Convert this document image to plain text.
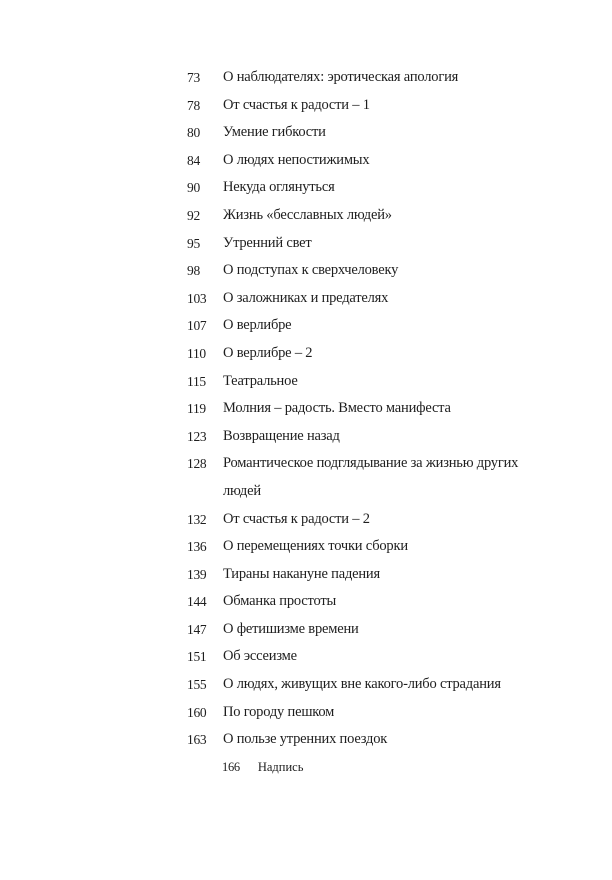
73	О наблюдателях: эротическая апология
78	От счастья к радости – 1
80	Умение гибкости
84	О людях непостижимых
90	Некуда оглянуться
92	Жизнь «бесславных людей»
95	Утренний свет
98	О подступах к сверхчеловеку
103	О заложниках и предателях
107	О верлибре
110	О верлибре – 2
115	Театральное
119	Молния – радость. Вместо манифеста
123	Возвращение назад
128	Романтическое подглядывание за жизнью других людей
132	От счастья к радости – 2
136	О перемещениях точки сборки
139	Тираны накануне падения
144	Обманка простоты
147	О фетишизме времени
151	Об эссеизме
155	О людях, живущих вне какого-либо страдания
160	По городу пешком
163	О пользе утренних поездок
166 Надпись
